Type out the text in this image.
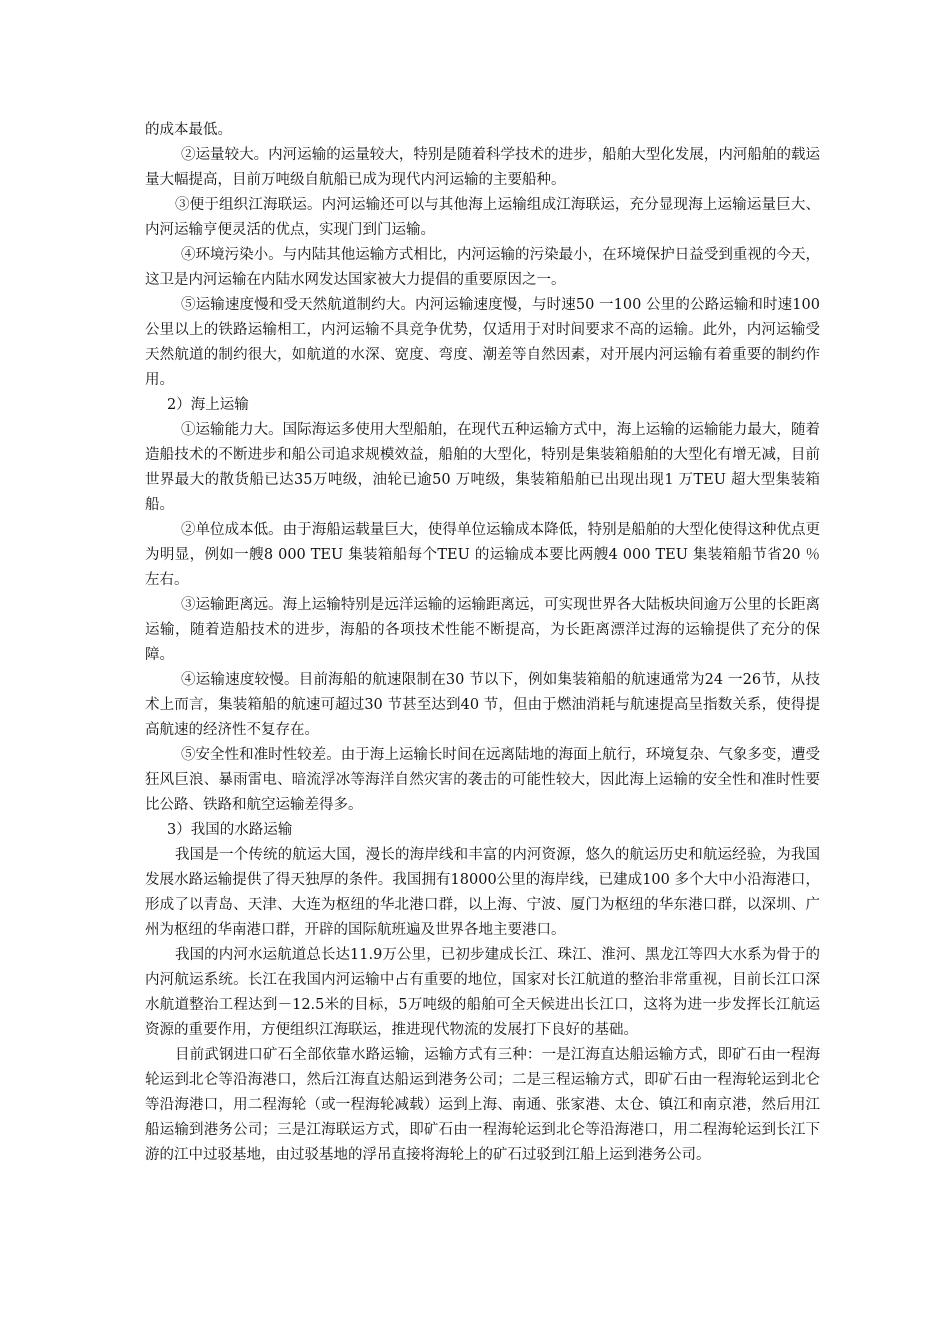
的成本最低。

②运量较大。内河运输的运量较大，特别是随着科学技术的进步，船舶大型化发展，内河船舶的载运量大幅提高，目前万吨级自航船已成为现代内河运输的主要船种。

③便于组织江海联运。内河运输还可以与其他海上运输组成江海联运，充分显现海上运输运量巨大、内河运输亨便灵活的优点，实现门到门运输。

④环境污染小。与内陆其他运输方式相比，内河运输的污染最小，在环境保护日益受到重视的今天，这卫是内河运输在内陆水网发达国家被大力提倡的重要原因之一。

⑤运输速度慢和受天然航道制约大。内河运输速度慢，与时速50 一100 公里的公路运输和时速100 公里以上的铁路运输相工，内河运输不具竞争优势，仅适用于对时间要求不高的运输。此外，内河运输受天然航道的制约很大，如航道的水深、宽度、弯度、潮差等自然因素，对开展内河运输有着重要的制约作用。

2）海上运输

①运输能力大。国际海运多使用大型船舶，在现代五种运输方式中，海上运输的运输能力最大，随着造船技术的不断进步和船公司追求规模效益，船舶的大型化，特别是集装箱船舶的大型化有增无减，目前世界最大的散货船已达35万吨级，油轮已逾50 万吨级，集装箱船舶已出现出现1 万TEU 超大型集装箱船。

②单位成本低。由于海船运载量巨大，使得单位运输成本降低，特别是船舶的大型化使得这种优点更为明显，例如一艘8 000 TEU 集装箱船每个TEU 的运输成本要比两艘4 000 TEU 集装箱船节省20 ％左右。

③运输距离远。海上运输特别是远洋运输的运输距离远，可实现世界各大陆板块间逾万公里的长距离运输，随着造船技术的进步，海船的各项技术性能不断提高，为长距离漂洋过海的运输提供了充分的保障。

④运输速度较慢。目前海船的航速限制在30 节以下，例如集装箱船的航速通常为24 一26节，从技术上而言，集装箱船的航速可超过30 节甚至达到40 节，但由于燃油消耗与航速提高呈指数关系，使得提高航速的经济性不复存在。

⑤安全性和准时性较差。由于海上运输长时间在远离陆地的海面上航行，环境复杂、气象多变，遭受狂风巨浪、暴雨雷电、暗流浮冰等海洋自然灾害的袭击的可能性较大，因此海上运输的安全性和准时性要比公路、铁路和航空运输差得多。

3）我国的水路运输

我国是一个传统的航运大国，漫长的海岸线和丰富的内河资源，悠久的航运历史和航运经验，为我国发展水路运输提供了得天独厚的条件。我国拥有18000公里的海岸线，已建成100 多个大中小沿海港口，形成了以青岛、天津、大连为枢纽的华北港口群，以上海、宁波、厦门为枢纽的华东港口群，以深圳、广州为枢纽的华南港口群，开辟的国际航班遍及世界各地主要港口。

我国的内河水运航道总长达11.9万公里，已初步建成长江、珠江、淮河、黑龙江等四大水系为骨于的内河航运系统。长江在我国内河运输中占有重要的地位，国家对长江航道的整治非常重视，目前长江口深水航道整治工程达到－12.5米的目标，5万吨级的船舶可全天候进出长江口，这将为进一步发挥长江航运资源的重要作用，方便组织江海联运，推进现代物流的发展打下良好的基础。

目前武钢进口矿石全部依靠水路运输，运输方式有三种：一是江海直达船运输方式，即矿石由一程海轮运到北仑等沿海港口，然后江海直达船运到港务公司；二是三程运输方式，即矿石由一程海轮运到北仑等沿海港口，用二程海轮（或一程海轮减载）运到上海、南通、张家港、太仓、镇江和南京港，然后用江船运输到港务公司；三是江海联运方式，即矿石由一程海轮运到北仑等沿海港口，用二程海轮运到长江下游的江中过驳基地，由过驳基地的浮吊直接将海轮上的矿石过驳到江船上运到港务公司。
